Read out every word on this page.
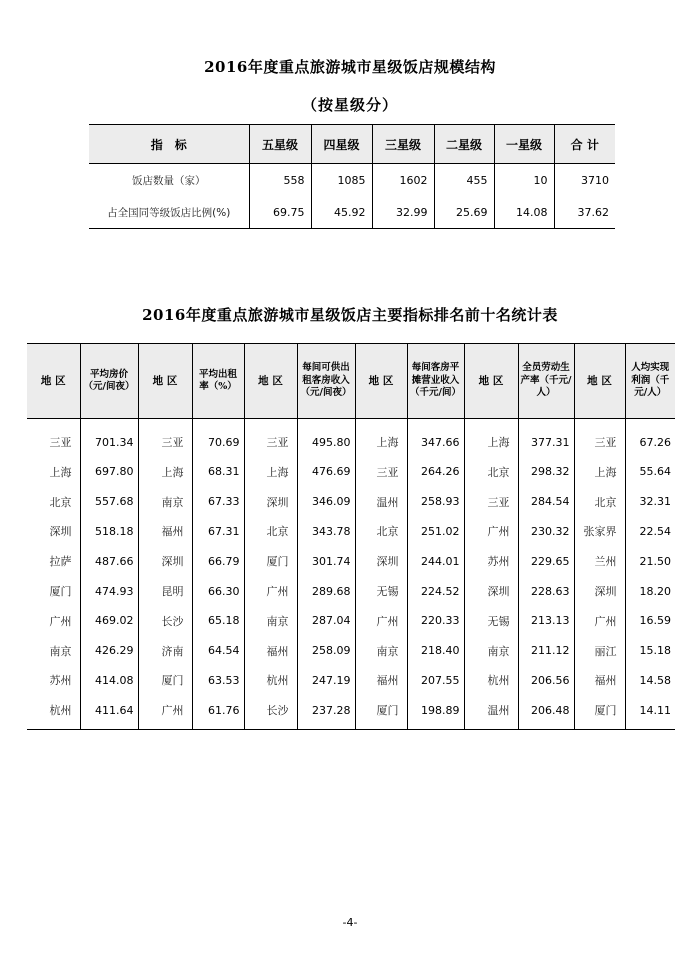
2016年度重点旅游城市星级饭店规模结构
（按星级分）
指　标	五星级	四星级	三星级	二星级	一星级	合 计
饭店数量（家）	558	1085	1602	455	10	3710
占全国同等级饭店比例(%)	69.75	45.92	32.99	25.69	14.08	37.62
2016年度重点旅游城市星级饭店主要指标排名前十名统计表
地 区	平均房价（元/间夜）	地 区	平均出租率（%）	地 区	每间可供出租客房收入（元/间夜）	地 区	每间客房平摊营业收入（千元/间）	地 区	全员劳动生产率（千元/人）	地 区	人均实现利润（千元/人）
三亚	701.34	三亚	70.69	三亚	495.80	上海	347.66	上海	377.31	三亚	67.26
上海	697.80	上海	68.31	上海	476.69	三亚	264.26	北京	298.32	上海	55.64
北京	557.68	南京	67.33	深圳	346.09	温州	258.93	三亚	284.54	北京	32.31
深圳	518.18	福州	67.31	北京	343.78	北京	251.02	广州	230.32	张家界	22.54
拉萨	487.66	深圳	66.79	厦门	301.74	深圳	244.01	苏州	229.65	兰州	21.50
厦门	474.93	昆明	66.30	广州	289.68	无锡	224.52	深圳	228.63	深圳	18.20
广州	469.02	长沙	65.18	南京	287.04	广州	220.33	无锡	213.13	广州	16.59
南京	426.29	济南	64.54	福州	258.09	南京	218.40	南京	211.12	丽江	15.18
苏州	414.08	厦门	63.53	杭州	247.19	福州	207.55	杭州	206.56	福州	14.58
杭州	411.64	广州	61.76	长沙	237.28	厦门	198.89	温州	206.48	厦门	14.11
-4-
